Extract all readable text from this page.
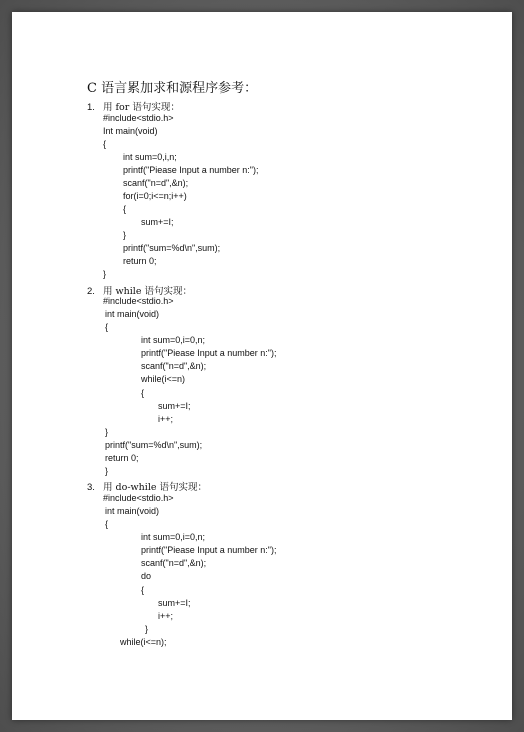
C 语言累加求和源程序参考：
1. 用 for 语句实现：
#include<stdio.h>
Int main(void)
{
int sum=0,i,n;
printf("Piease Input a number n:");
scanf("n=d",&n);
for(i=0;i<=n;i++)
{
sum+=I;
}
printf("sum=%d\n",sum);
return 0;
}
2. 用 while 语句实现：
#include<stdio.h>
int main(void)
{
int sum=0,i=0,n;
printf("Piease Input a number n:");
scanf("n=d",&n);
while(i<=n)
{
sum+=I;
i++;
}
printf("sum=%d\n",sum);
return 0;
}
3. 用 do-while 语句实现：
#include<stdio.h>
int main(void)
{
int sum=0,i=0,n;
printf("Piease Input a number n:");
scanf("n=d",&n);
do
{
sum+=I;
i++;
}
while(i<=n);
